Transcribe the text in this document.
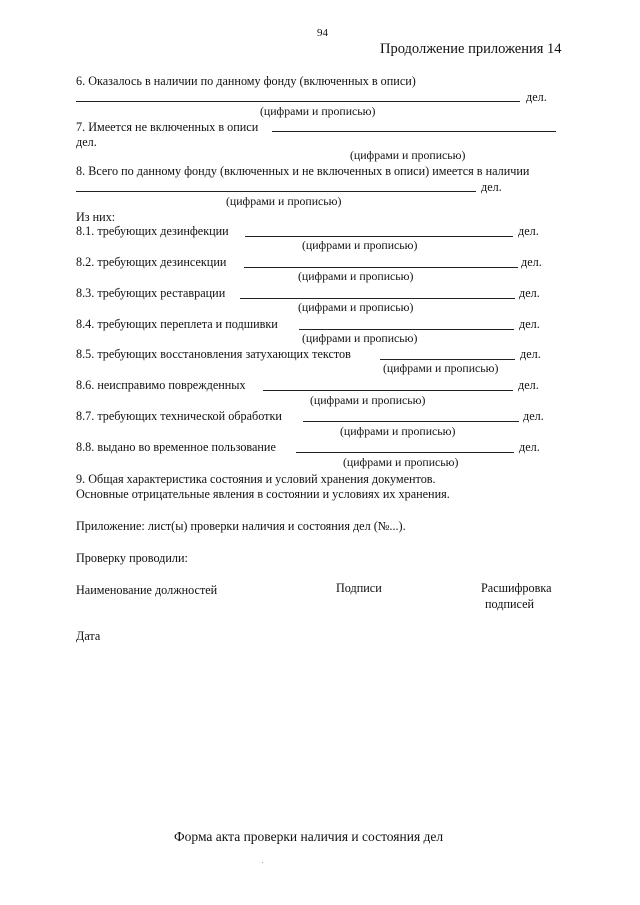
94
Продолжение приложения 14
6. Оказалось в наличии по данному фонду (включенных в описи)
дел.
(цифрами и прописью)
7. Имеется не включенных в описи
дел.
(цифрами и прописью)
8. Всего по данному фонду (включенных и не включенных в описи) имеется в наличии
дел.
(цифрами и прописью)
Из них:
8.1. требующих дезинфекции	дел.
(цифрами и прописью)
8.2. требующих дезинсекции	дел.
(цифрами и прописью)
8.3. требующих реставрации	дел.
(цифрами и прописью)
8.4. требующих переплета и подшивки	дел.
(цифрами и прописью)
8.5. требующих восстановления затухающих текстов	дел.
(цифрами и прописью)
8.6. неисправимо поврежденных	дел.
(цифрами и прописью)
8.7. требующих технической обработки	дел.
(цифрами и прописью)
8.8. выдано во временное пользование	дел.
(цифрами и прописью)
9. Общая характеристика состояния и условий хранения документов.
Основные отрицательные явления в состоянии и условиях их хранения.
Приложение: лист(ы) проверки наличия и состояния дел (№...).
Проверку проводили:
Наименование должностей	Подписи	Расшифровка
подписей
Дата
Форма акта проверки наличия и состояния дел
